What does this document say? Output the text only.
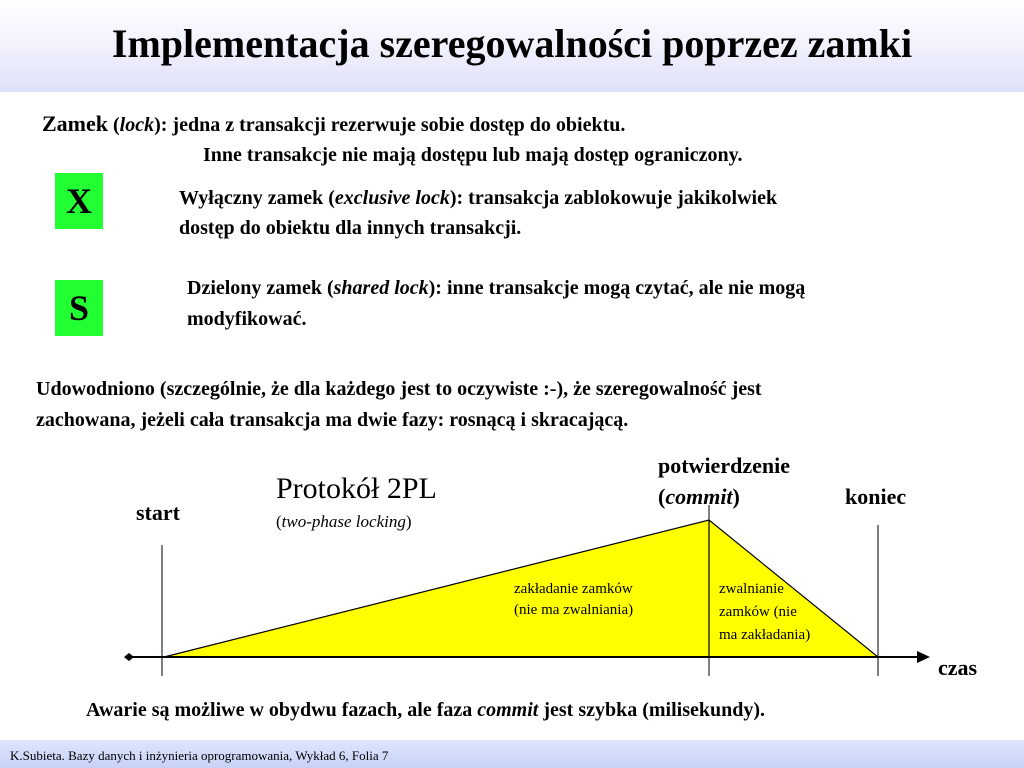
Implementacja szeregowalności poprzez zamki
Zamek (lock): jedna z transakcji rezerwuje sobie dostęp do obiektu.
Inne transakcje nie mają dostępu lub mają dostęp ograniczony.
X	Wyłączny zamek (exclusive lock): transakcja zablokowuje jakikolwiek
dostęp do obiektu dla innych transakcji.
S	Dzielony zamek (shared lock): inne transakcje mogą czytać, ale nie mogą
modyfikować.
Udowodniono (szczególnie, że dla każdego jest to oczywiste :-), że szeregowalność jest
zachowana, jeżeli cała transakcja ma dwie fazy: rosnącą i skracającą.
Protokół 2PL
(two-phase locking)
start
potwierdzenie
(commit)	koniec
czas
zakładanie zamków
(nie ma zwalniania)
zwalnianie
zamków (nie
ma zakładania)
Awarie są możliwe w obydwu fazach, ale faza commit jest szybka (milisekundy).
K.Subieta. Bazy danych i inżynieria oprogramowania, Wykład 6, Folia 7
